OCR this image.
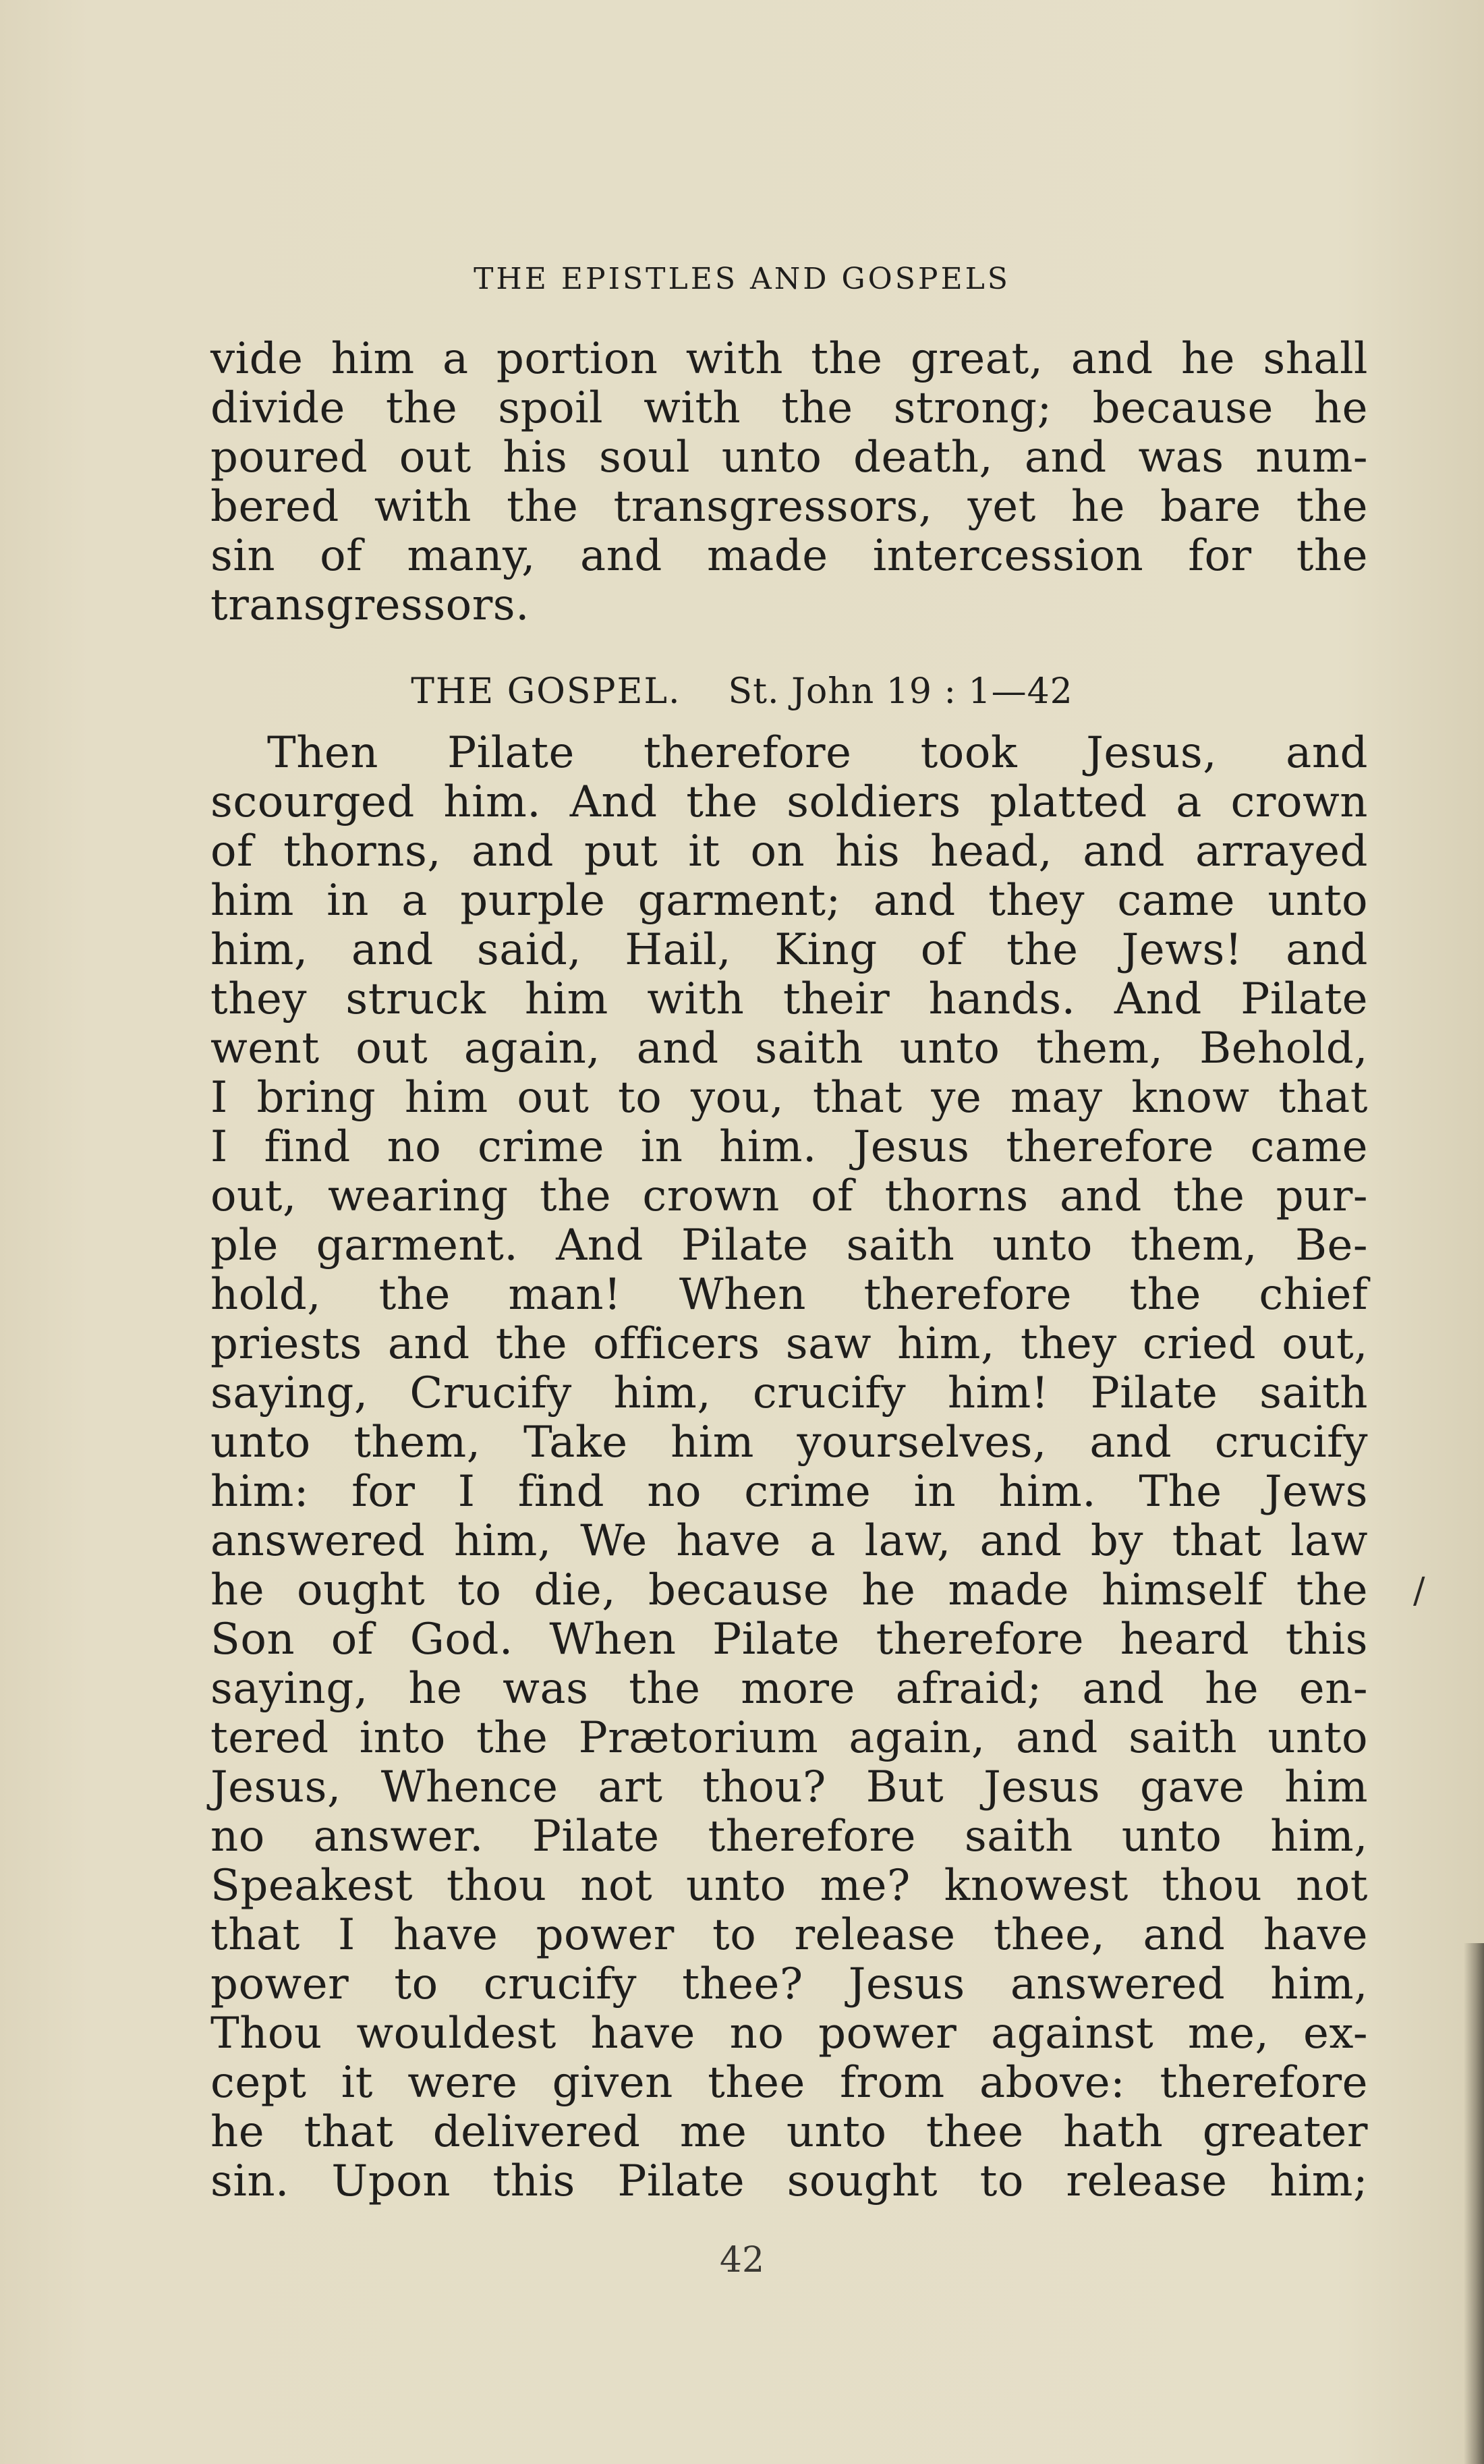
THE EPISTLES AND GOSPELS
vide him a portion with the great, and he shall
divide the spoil with the strong; because he
poured out his soul unto death, and was num-
bered with the transgressors, yet he bare the
sin of many, and made intercession for the
transgressors.
THE GOSPEL. St. John 19 : 1—42
Then Pilate therefore took Jesus, and
scourged him. And the soldiers platted a crown
of thorns, and put it on his head, and arrayed
him in a purple garment; and they came unto
him, and said, Hail, King of the Jews! and
they struck him with their hands. And Pilate
went out again, and saith unto them, Behold,
I bring him out to you, that ye may know that
I find no crime in him. Jesus therefore came
out, wearing the crown of thorns and the pur-
ple garment. And Pilate saith unto them, Be-
hold, the man! When therefore the chief
priests and the officers saw him, they cried out,
saying, Crucify him, crucify him! Pilate saith
unto them, Take him yourselves, and crucify
him: for I find no crime in him. The Jews
answered him, We have a law, and by that law
he ought to die, because he made himself the
Son of God. When Pilate therefore heard this
saying, he was the more afraid; and he en-
tered into the Prætorium again, and saith unto
Jesus, Whence art thou? But Jesus gave him
no answer. Pilate therefore saith unto him,
Speakest thou not unto me? knowest thou not
that I have power to release thee, and have
power to crucify thee? Jesus answered him,
Thou wouldest have no power against me, ex-
cept it were given thee from above: therefore
he that delivered me unto thee hath greater
sin. Upon this Pilate sought to release him;
/
42
